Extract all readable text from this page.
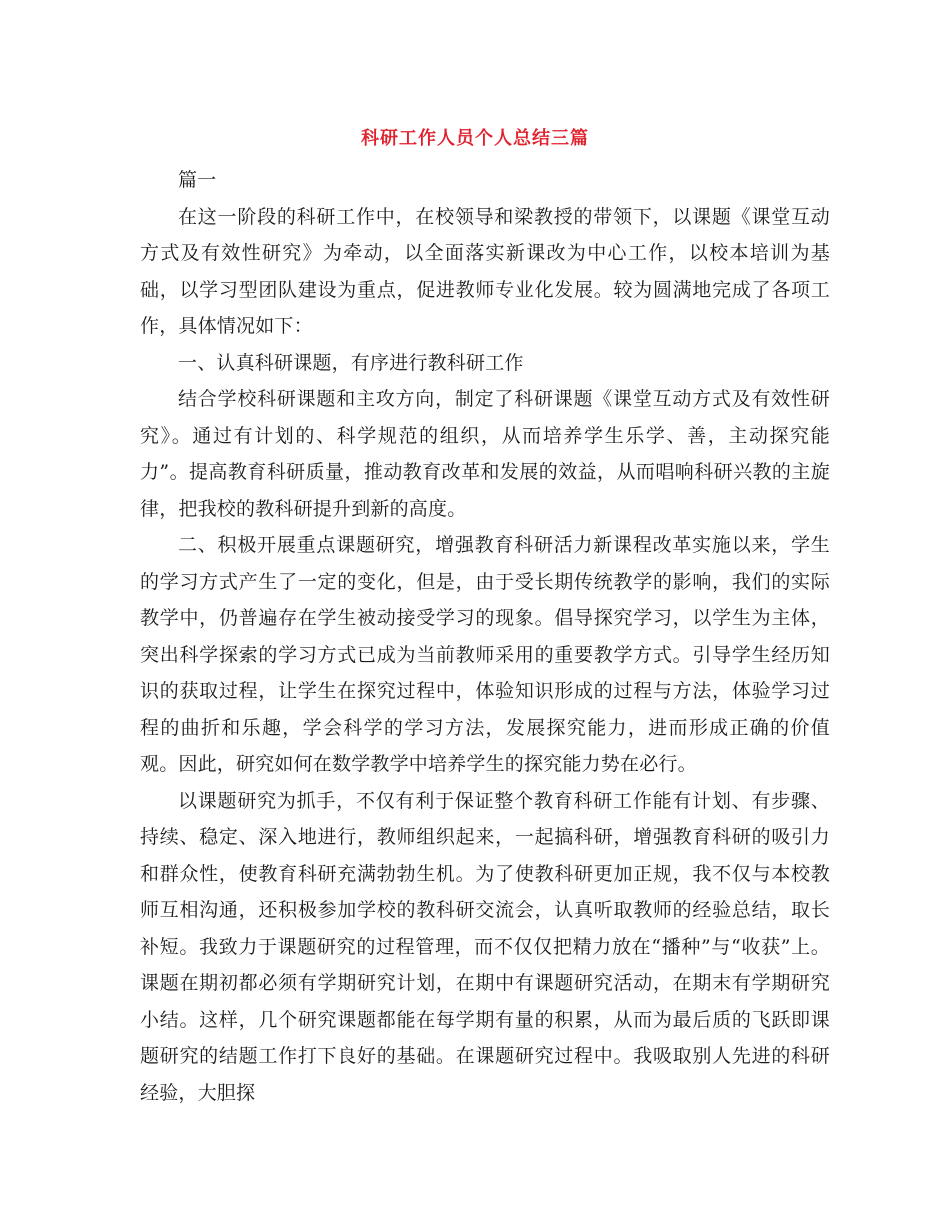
科研工作人员个人总结三篇

篇一

在这一阶段的科研工作中，在校领导和梁教授的带领下，以课题《课堂互动方式及有效性研究》为牵动，以全面落实新课改为中心工作，以校本培训为基础，以学习型团队建设为重点，促进教师专业化发展。较为圆满地完成了各项工作，具体情况如下：

一、认真科研课题，有序进行教科研工作

结合学校科研课题和主攻方向，制定了科研课题《课堂互动方式及有效性研究》。通过有计划的、科学规范的组织，从而培养学生乐学、善，主动探究能力”。提高教育科研质量，推动教育改革和发展的效益，从而唱响科研兴教的主旋律，把我校的教科研提升到新的高度。

二、积极开展重点课题研究，增强教育科研活力新课程改革实施以来，学生的学习方式产生了一定的变化，但是，由于受长期传统教学的影响，我们的实际教学中，仍普遍存在学生被动接受学习的现象。倡导探究学习，以学生为主体，突出科学探索的学习方式已成为当前教师采用的重要教学方式。引导学生经历知识的获取过程，让学生在探究过程中，体验知识形成的过程与方法，体验学习过程的曲折和乐趣，学会科学的学习方法，发展探究能力，进而形成正确的价值观。因此，研究如何在数学教学中培养学生的探究能力势在必行。

以课题研究为抓手，不仅有利于保证整个教育科研工作能有计划、有步骤、持续、稳定、深入地进行，教师组织起来，一起搞科研，增强教育科研的吸引力和群众性，使教育科研充满勃勃生机。为了使教科研更加正规，我不仅与本校教师互相沟通，还积极参加学校的教科研交流会，认真听取教师的经验总结，取长补短。我致力于课题研究的过程管理，而不仅仅把精力放在“播种”与“收获”上。课题在期初都必须有学期研究计划，在期中有课题研究活动，在期末有学期研究小结。这样，几个研究课题都能在每学期有量的积累，从而为最后质的飞跃即课题研究的结题工作打下良好的基础。在课题研究过程中。我吸取别人先进的科研经验，大胆探
